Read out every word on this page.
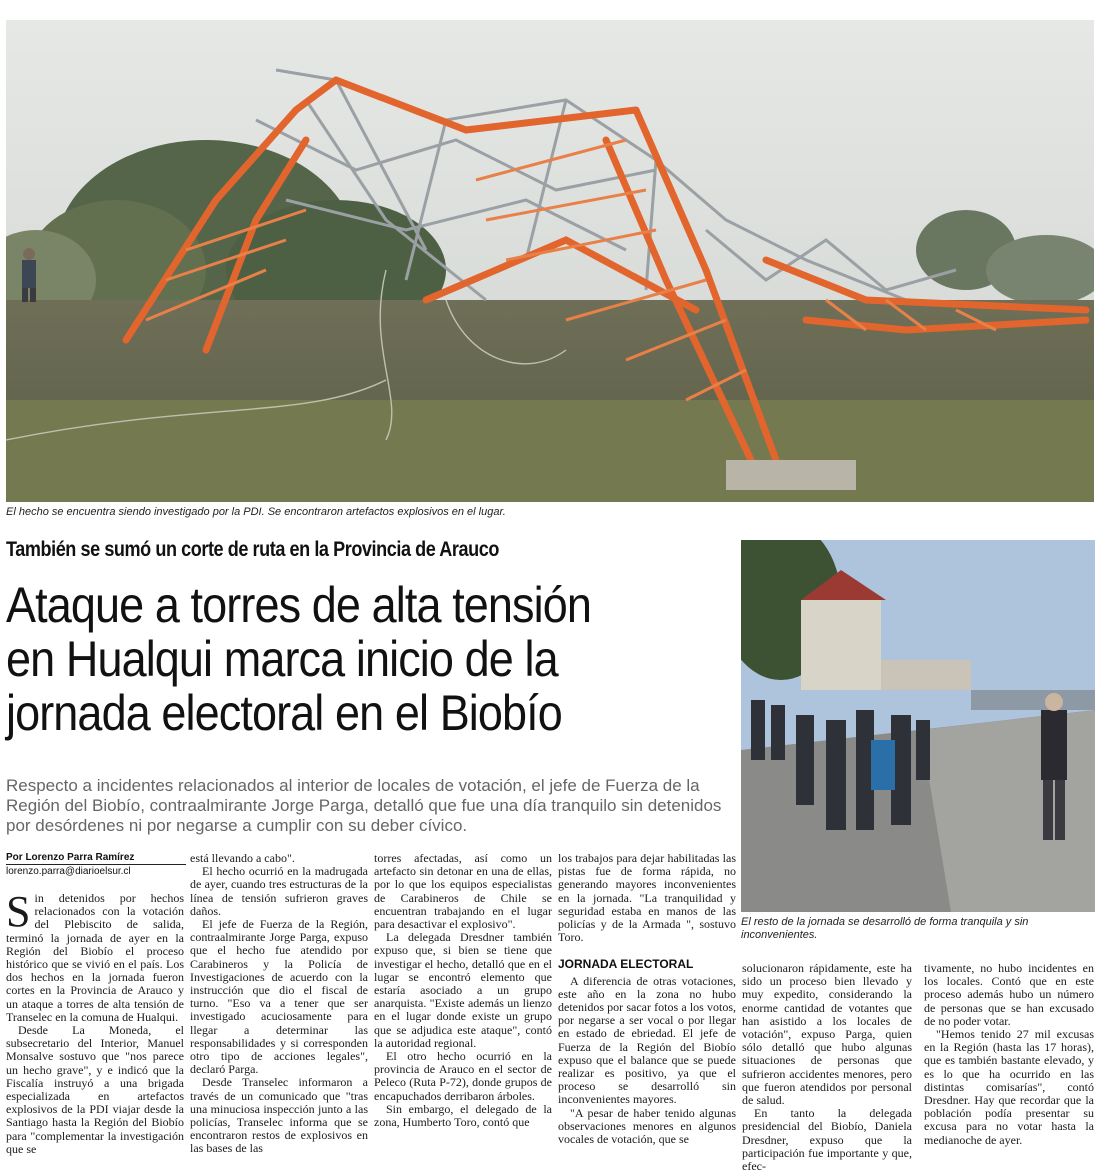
El hecho se encuentra siendo investigado por la PDI. Se encontraron artefactos explosivos en el lugar.
También se sumó un corte de ruta en la Provincia de Arauco
Ataque a torres de alta tensión
en Hualqui marca inicio de la
jornada electoral en el Biobío
Respecto a incidentes relacionados al interior de locales de votación, el jefe de Fuerza de la Región del Biobío, contraalmirante Jorge Parga, detalló que fue una día tranquilo sin detenidos por desórdenes ni por negarse a cumplir con su deber cívico.
El resto de la jornada se desarrolló de forma tranquila y sin inconvenientes.
Por Lorenzo Parra Ramírez
lorenzo.parra@diarioelsur.cl

Sin detenidos por hechos relacionados con la votación del Plebiscito de salida, terminó la jornada de ayer en la Región del Biobío el proceso histórico que se vivió en el país. Los dos hechos en la jornada fueron cortes en la Provincia de Arauco y un ataque a torres de alta tensión de Transelec en la comuna de Hualqui.

Desde La Moneda, el subsecretario del Interior, Manuel Monsalve sostuvo que "nos parece un hecho grave", y e indicó que la Fiscalía instruyó a una brigada especializada en artefactos explosivos de la PDI viajar desde la Santiago hasta la Región del Biobío para "complementar la investigación que se

está llevando a cabo".

El hecho ocurrió en la madrugada de ayer, cuando tres estructuras de la línea de tensión sufrieron graves daños.

El jefe de Fuerza de la Región, contraalmirante Jorge Parga, expuso que el hecho fue atendido por Carabineros y la Policía de Investigaciones de acuerdo con la instrucción que dio el fiscal de turno. "Eso va a tener que ser investigado acuciosamente para llegar a determinar las responsabilidades y si corresponden otro tipo de acciones legales", declaró Parga.

Desde Transelec informaron a través de un comunicado que "tras una minuciosa inspección junto a las policías, Transelec informa que se encontraron restos de explosivos en las bases de las

torres afectadas, así como un artefacto sin detonar en una de ellas, por lo que los equipos especialistas de Carabineros de Chile se encuentran trabajando en el lugar para desactivar el explosivo".

La delegada Dresdner también expuso que, si bien se tiene que investigar el hecho, detalló que en el lugar se encontró elemento que estaría asociado a un grupo anarquista. "Existe además un lienzo en el lugar donde existe un grupo que se adjudica este ataque", contó la autoridad regional.

El otro hecho ocurrió en la provincia de Arauco en el sector de Peleco (Ruta P-72), donde grupos de encapuchados derribaron árboles.

Sin embargo, el delegado de la zona, Humberto Toro, contó que

los trabajos para dejar habilitadas las pistas fue de forma rápida, no generando mayores inconvenientes en la jornada. "La tranquilidad y seguridad estaba en manos de las policías y de la Armada ", sostuvo Toro.

JORNADA ELECTORAL

A diferencia de otras votaciones, este año en la zona no hubo detenidos por sacar fotos a los votos, por negarse a ser vocal o por llegar en estado de ebriedad. El jefe de Fuerza de la Región del Biobío expuso que el balance que se puede realizar es positivo, ya que el proceso se desarrolló sin inconvenientes mayores.

"A pesar de haber tenido algunas observaciones menores en algunos vocales de votación, que se

solucionaron rápidamente, este ha sido un proceso bien llevado y muy expedito, considerando la enorme cantidad de votantes que han asistido a los locales de votación", expuso Parga, quien sólo detalló que hubo algunas situaciones de personas que sufrieron accidentes menores, pero que fueron atendidos por personal de salud.

En tanto la delegada presidencial del Biobío, Daniela Dresdner, expuso que la participación fue importante y que, efec-

tivamente, no hubo incidentes en los locales. Contó que en este proceso además hubo un número de personas que se han excusado de no poder votar.

"Hemos tenido 27 mil excusas en la Región (hasta las 17 horas), que es también bastante elevado, y es lo que ha ocurrido en las distintas comisarías", contó Dresdner. Hay que recordar que la población podía presentar su excusa para no votar hasta la medianoche de ayer.
